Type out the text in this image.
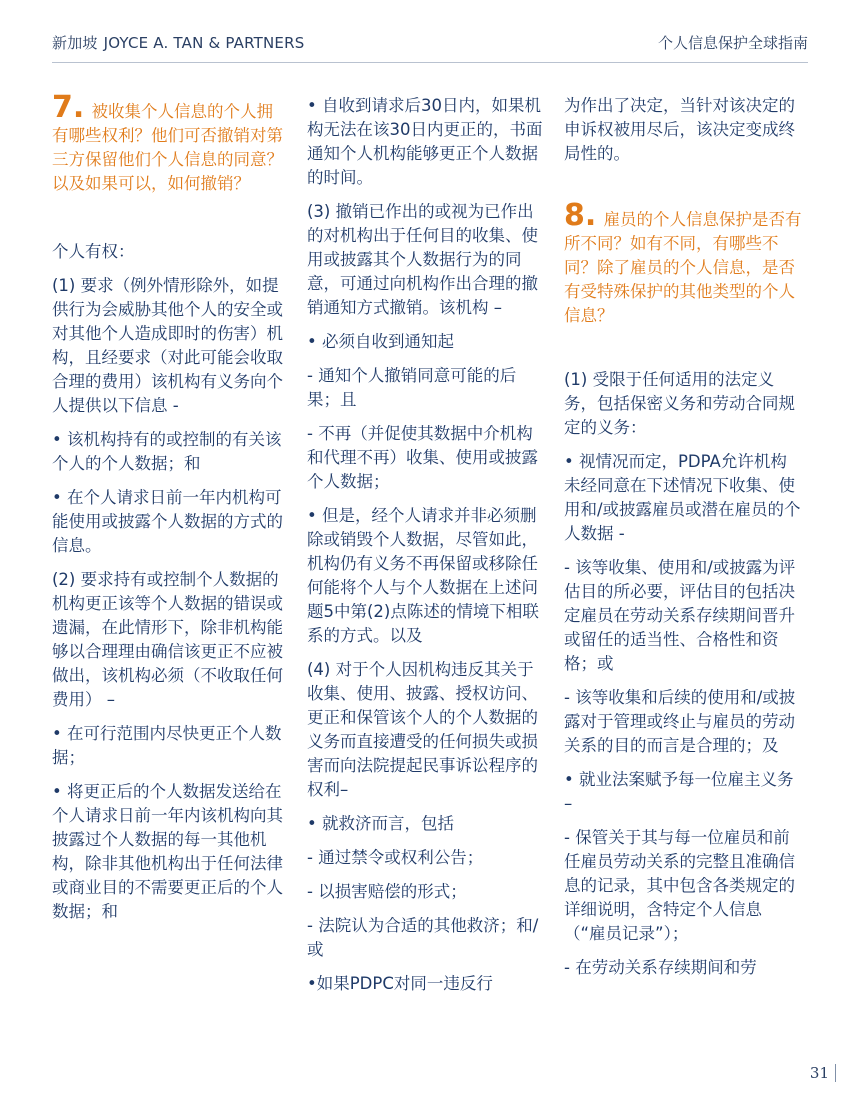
新加坡 JOYCE A. TAN & PARTNERS	个人信息保护全球指南
7. 被收集个人信息的个人拥有哪些权利？他们可否撤销对第三方保留他们个人信息的同意？以及如果可以，如何撤销？

个人有权：

(1) 要求（例外情形除外，如提供行为会威胁其他个人的安全或对其他个人造成即时的伤害）机构，且经要求（对此可能会收取合理的费用）该机构有义务向个人提供以下信息 -

• 该机构持有的或控制的有关该个人的个人数据；和

• 在个人请求日前一年内机构可能使用或披露个人数据的方式的信息。

(2) 要求持有或控制个人数据的机构更正该等个人数据的错误或遗漏，在此情形下，除非机构能够以合理理由确信该更正不应被做出，该机构必须（不收取任何费用） –

• 在可行范围内尽快更正个人数据；

• 将更正后的个人数据发送给在个人请求日前一年内该机构向其披露过个人数据的每一其他机构，除非其他机构出于任何法律或商业目的不需要更正后的个人数据；和

• 自收到请求后30日内，如果机构无法在该30日内更正的，书面通知个人机构能够更正个人数据的时间。

(3) 撤销已作出的或视为已作出的对机构出于任何目的收集、使用或披露其个人数据行为的同意，可通过向机构作出合理的撤销通知方式撤销。该机构 –

• 必须自收到通知起

- 通知个人撤销同意可能的后果；且

- 不再（并促使其数据中介机构和代理不再）收集、使用或披露个人数据；

• 但是，经个人请求并非必须删除或销毁个人数据，尽管如此，机构仍有义务不再保留或移除任何能将个人与个人数据在上述问题5中第(2)点陈述的情境下相联系的方式。以及

(4) 对于个人因机构违反其关于收集、使用、披露、授权访问、更正和保管该个人的个人数据的义务而直接遭受的任何损失或损害而向法院提起民事诉讼程序的权利–

• 就救济而言，包括

- 通过禁令或权利公告；

- 以损害赔偿的形式；

- 法院认为合适的其他救济；和/或

•如果PDPC对同一违反行

为作出了决定，当针对该决定的申诉权被用尽后，该决定变成终局性的。

8. 雇员的个人信息保护是否有所不同？如有不同，有哪些不同？除了雇员的个人信息，是否有受特殊保护的其他类型的个人信息？

(1) 受限于任何适用的法定义务，包括保密义务和劳动合同规定的义务：

• 视情况而定，PDPA允许机构未经同意在下述情况下收集、使用和/或披露雇员或潜在雇员的个人数据 -

- 该等收集、使用和/或披露为评估目的所必要，评估目的包括决定雇员在劳动关系存续期间晋升或留任的适当性、合格性和资格；或

- 该等收集和后续的使用和/或披露对于管理或终止与雇员的劳动关系的目的而言是合理的；及

• 就业法案赋予每一位雇主义务 –

- 保管关于其与每一位雇员和前任雇员劳动关系的完整且准确信息的记录，其中包含各类规定的详细说明，含特定个人信息（“雇员记录”）；

- 在劳动关系存续期间和劳

31
